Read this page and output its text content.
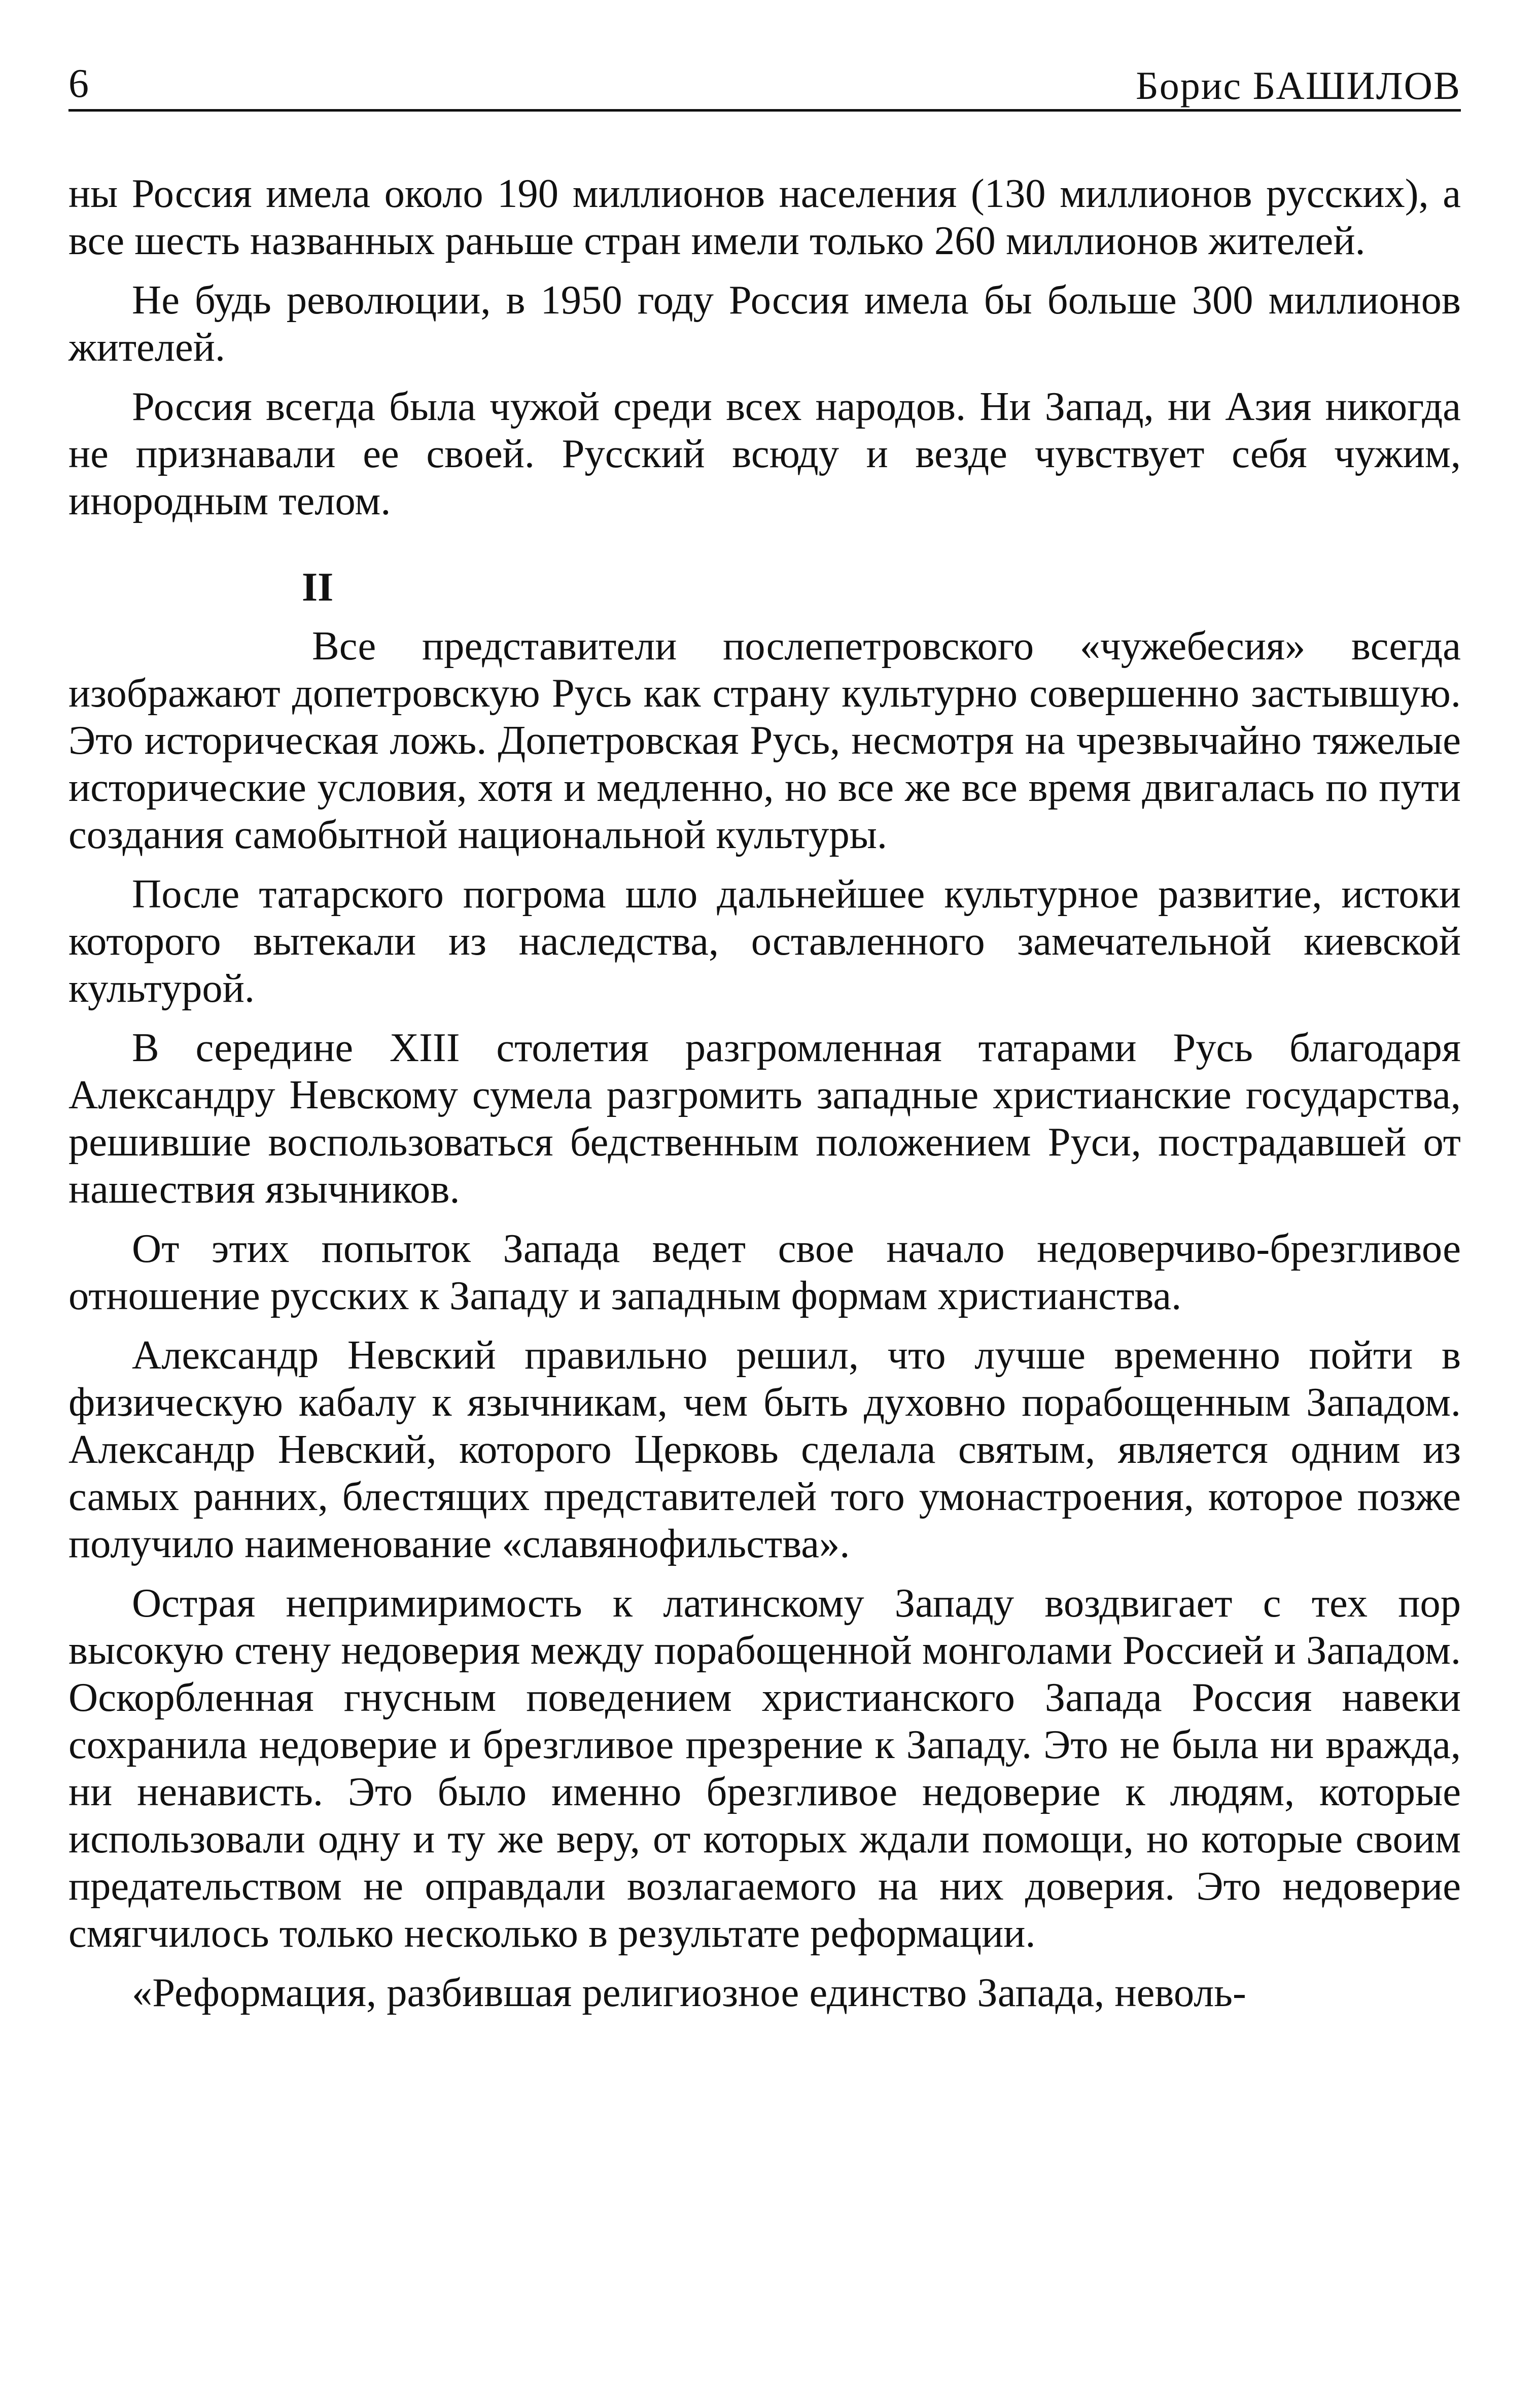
6	Борис БАШИЛОВ

ны Россия имела около 190 миллионов населения (130 миллионов русских), а все шесть названных раньше стран имели только 260 миллионов жителей.

Не будь революции, в 1950 году Россия имела бы больше 300 миллионов жителей.

Россия всегда была чужой среди всех народов. Ни Запад, ни Азия никогда не признавали ее своей. Русский всюду и везде чувствует себя чужим, инородным телом.

II

Все представители послепетровского «чужебесия» всегда изображают допетровскую Русь как страну культурно совершенно застывшую. Это историческая ложь. Допетровская Русь, несмотря на чрезвычайно тяжелые исторические условия, хотя и медленно, но все же все время двигалась по пути создания самобытной национальной культуры.

После татарского погрома шло дальнейшее культурное развитие, истоки которого вытекали из наследства, оставленного замечательной киевской культурой.

В середине XIII столетия разгромленная татарами Русь благодаря Александру Невскому сумела разгромить западные христианские государства, решившие воспользоваться бедственным положением Руси, пострадавшей от нашествия язычников.

От этих попыток Запада ведет свое начало недоверчиво-брезгливое отношение русских к Западу и западным формам христианства.

Александр Невский правильно решил, что лучше временно пойти в физическую кабалу к язычникам, чем быть духовно порабощенным Западом. Александр Невский, которого Церковь сделала святым, является одним из самых ранних, блестящих представителей того умонастроения, которое позже получило наименование «славянофильства».

Острая непримиримость к латинскому Западу воздвигает с тех пор высокую стену недоверия между порабощенной монголами Россией и Западом. Оскорбленная гнусным поведением христианского Запада Россия навеки сохранила недоверие и брезгливое презрение к Западу. Это не была ни вражда, ни ненависть. Это было именно брезгливое недоверие к людям, которые использовали одну и ту же веру, от которых ждали помощи, но которые своим предательством не оправдали возлагаемого на них доверия. Это недоверие смягчилось только несколько в результате реформации.

«Реформация, разбившая религиозное единство Запада, неволь-
